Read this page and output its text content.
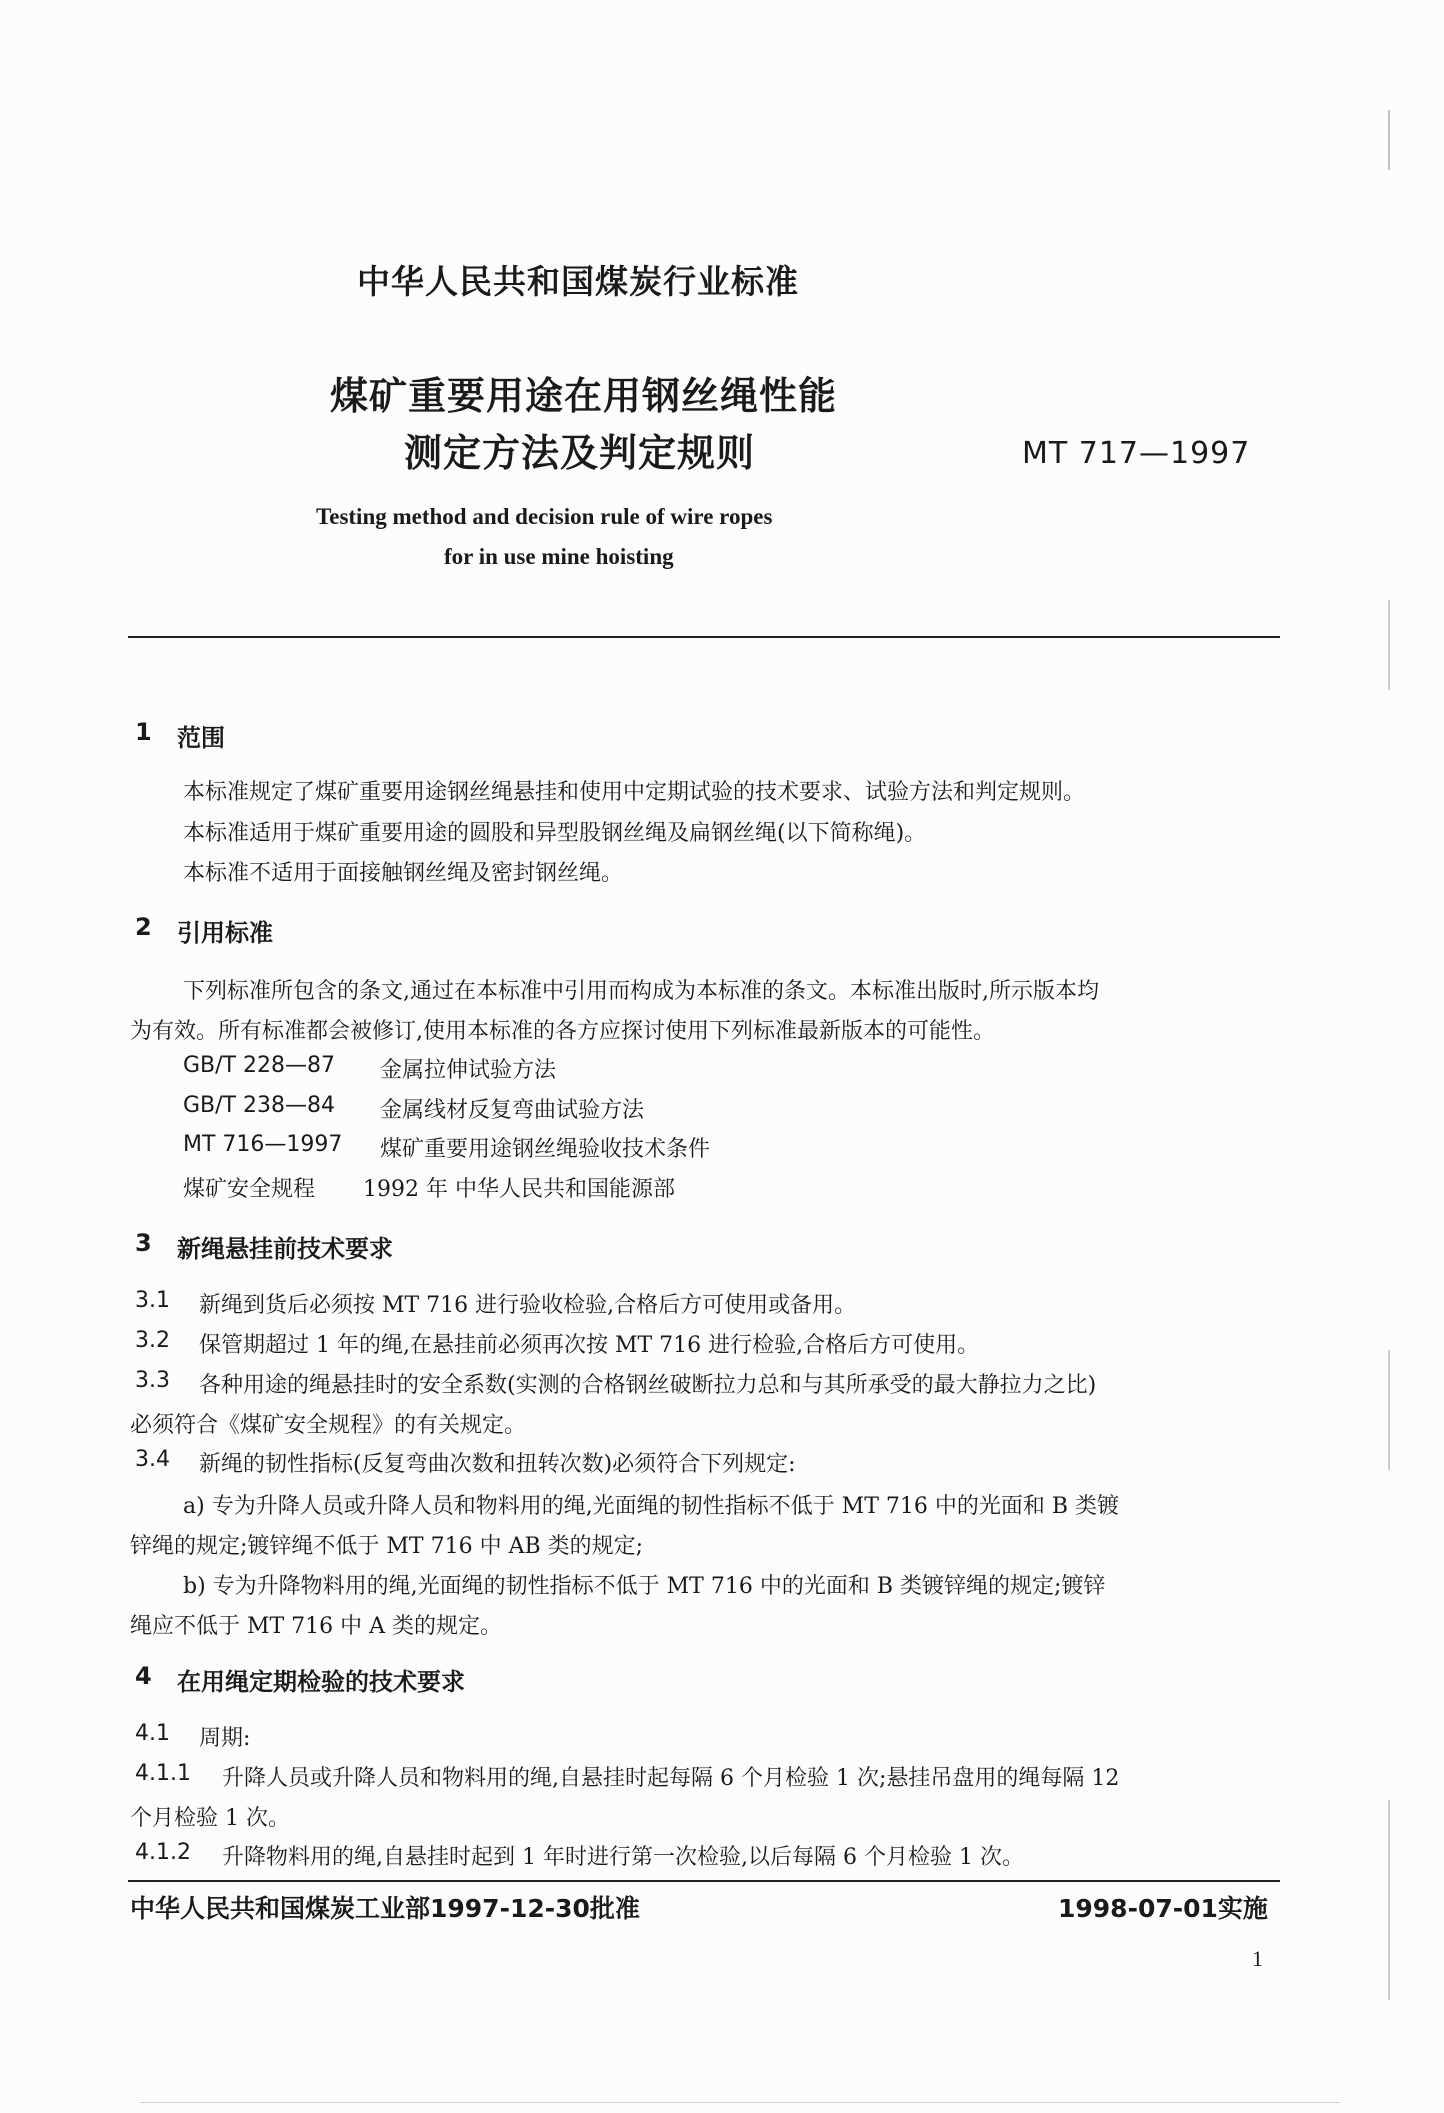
中华人民共和国煤炭行业标准
煤矿重要用途在用钢丝绳性能
测定方法及判定规则	MT 717—1997
Testing method and decision rule of wire ropes
for in use mine hoisting
1 范围
本标准规定了煤矿重要用途钢丝绳悬挂和使用中定期试验的技术要求、试验方法和判定规则。
本标准适用于煤矿重要用途的圆股和异型股钢丝绳及扁钢丝绳(以下简称绳)。
本标准不适用于面接触钢丝绳及密封钢丝绳。
2 引用标准
下列标准所包含的条文,通过在本标准中引用而构成为本标准的条文。本标准出版时,所示版本均
为有效。所有标准都会被修订,使用本标准的各方应探讨使用下列标准最新版本的可能性。
GB/T 228—87 金属拉伸试验方法
GB/T 238—84 金属线材反复弯曲试验方法
MT 716—1997 煤矿重要用途钢丝绳验收技术条件
煤矿安全规程 1992 年 中华人民共和国能源部
3 新绳悬挂前技术要求
3.1 新绳到货后必须按 MT 716 进行验收检验,合格后方可使用或备用。
3.2 保管期超过 1 年的绳,在悬挂前必须再次按 MT 716 进行检验,合格后方可使用。
3.3 各种用途的绳悬挂时的安全系数(实测的合格钢丝破断拉力总和与其所承受的最大静拉力之比)
必须符合《煤矿安全规程》的有关规定。
3.4 新绳的韧性指标(反复弯曲次数和扭转次数)必须符合下列规定:
a) 专为升降人员或升降人员和物料用的绳,光面绳的韧性指标不低于 MT 716 中的光面和 B 类镀
锌绳的规定;镀锌绳不低于 MT 716 中 AB 类的规定;
b) 专为升降物料用的绳,光面绳的韧性指标不低于 MT 716 中的光面和 B 类镀锌绳的规定;镀锌
绳应不低于 MT 716 中 A 类的规定。
4 在用绳定期检验的技术要求
4.1 周期:
4.1.1 升降人员或升降人员和物料用的绳,自悬挂时起每隔 6 个月检验 1 次;悬挂吊盘用的绳每隔 12
个月检验 1 次。
4.1.2 升降物料用的绳,自悬挂时起到 1 年时进行第一次检验,以后每隔 6 个月检验 1 次。
中华人民共和国煤炭工业部1997-12-30批准	1998-07-01实施
1
